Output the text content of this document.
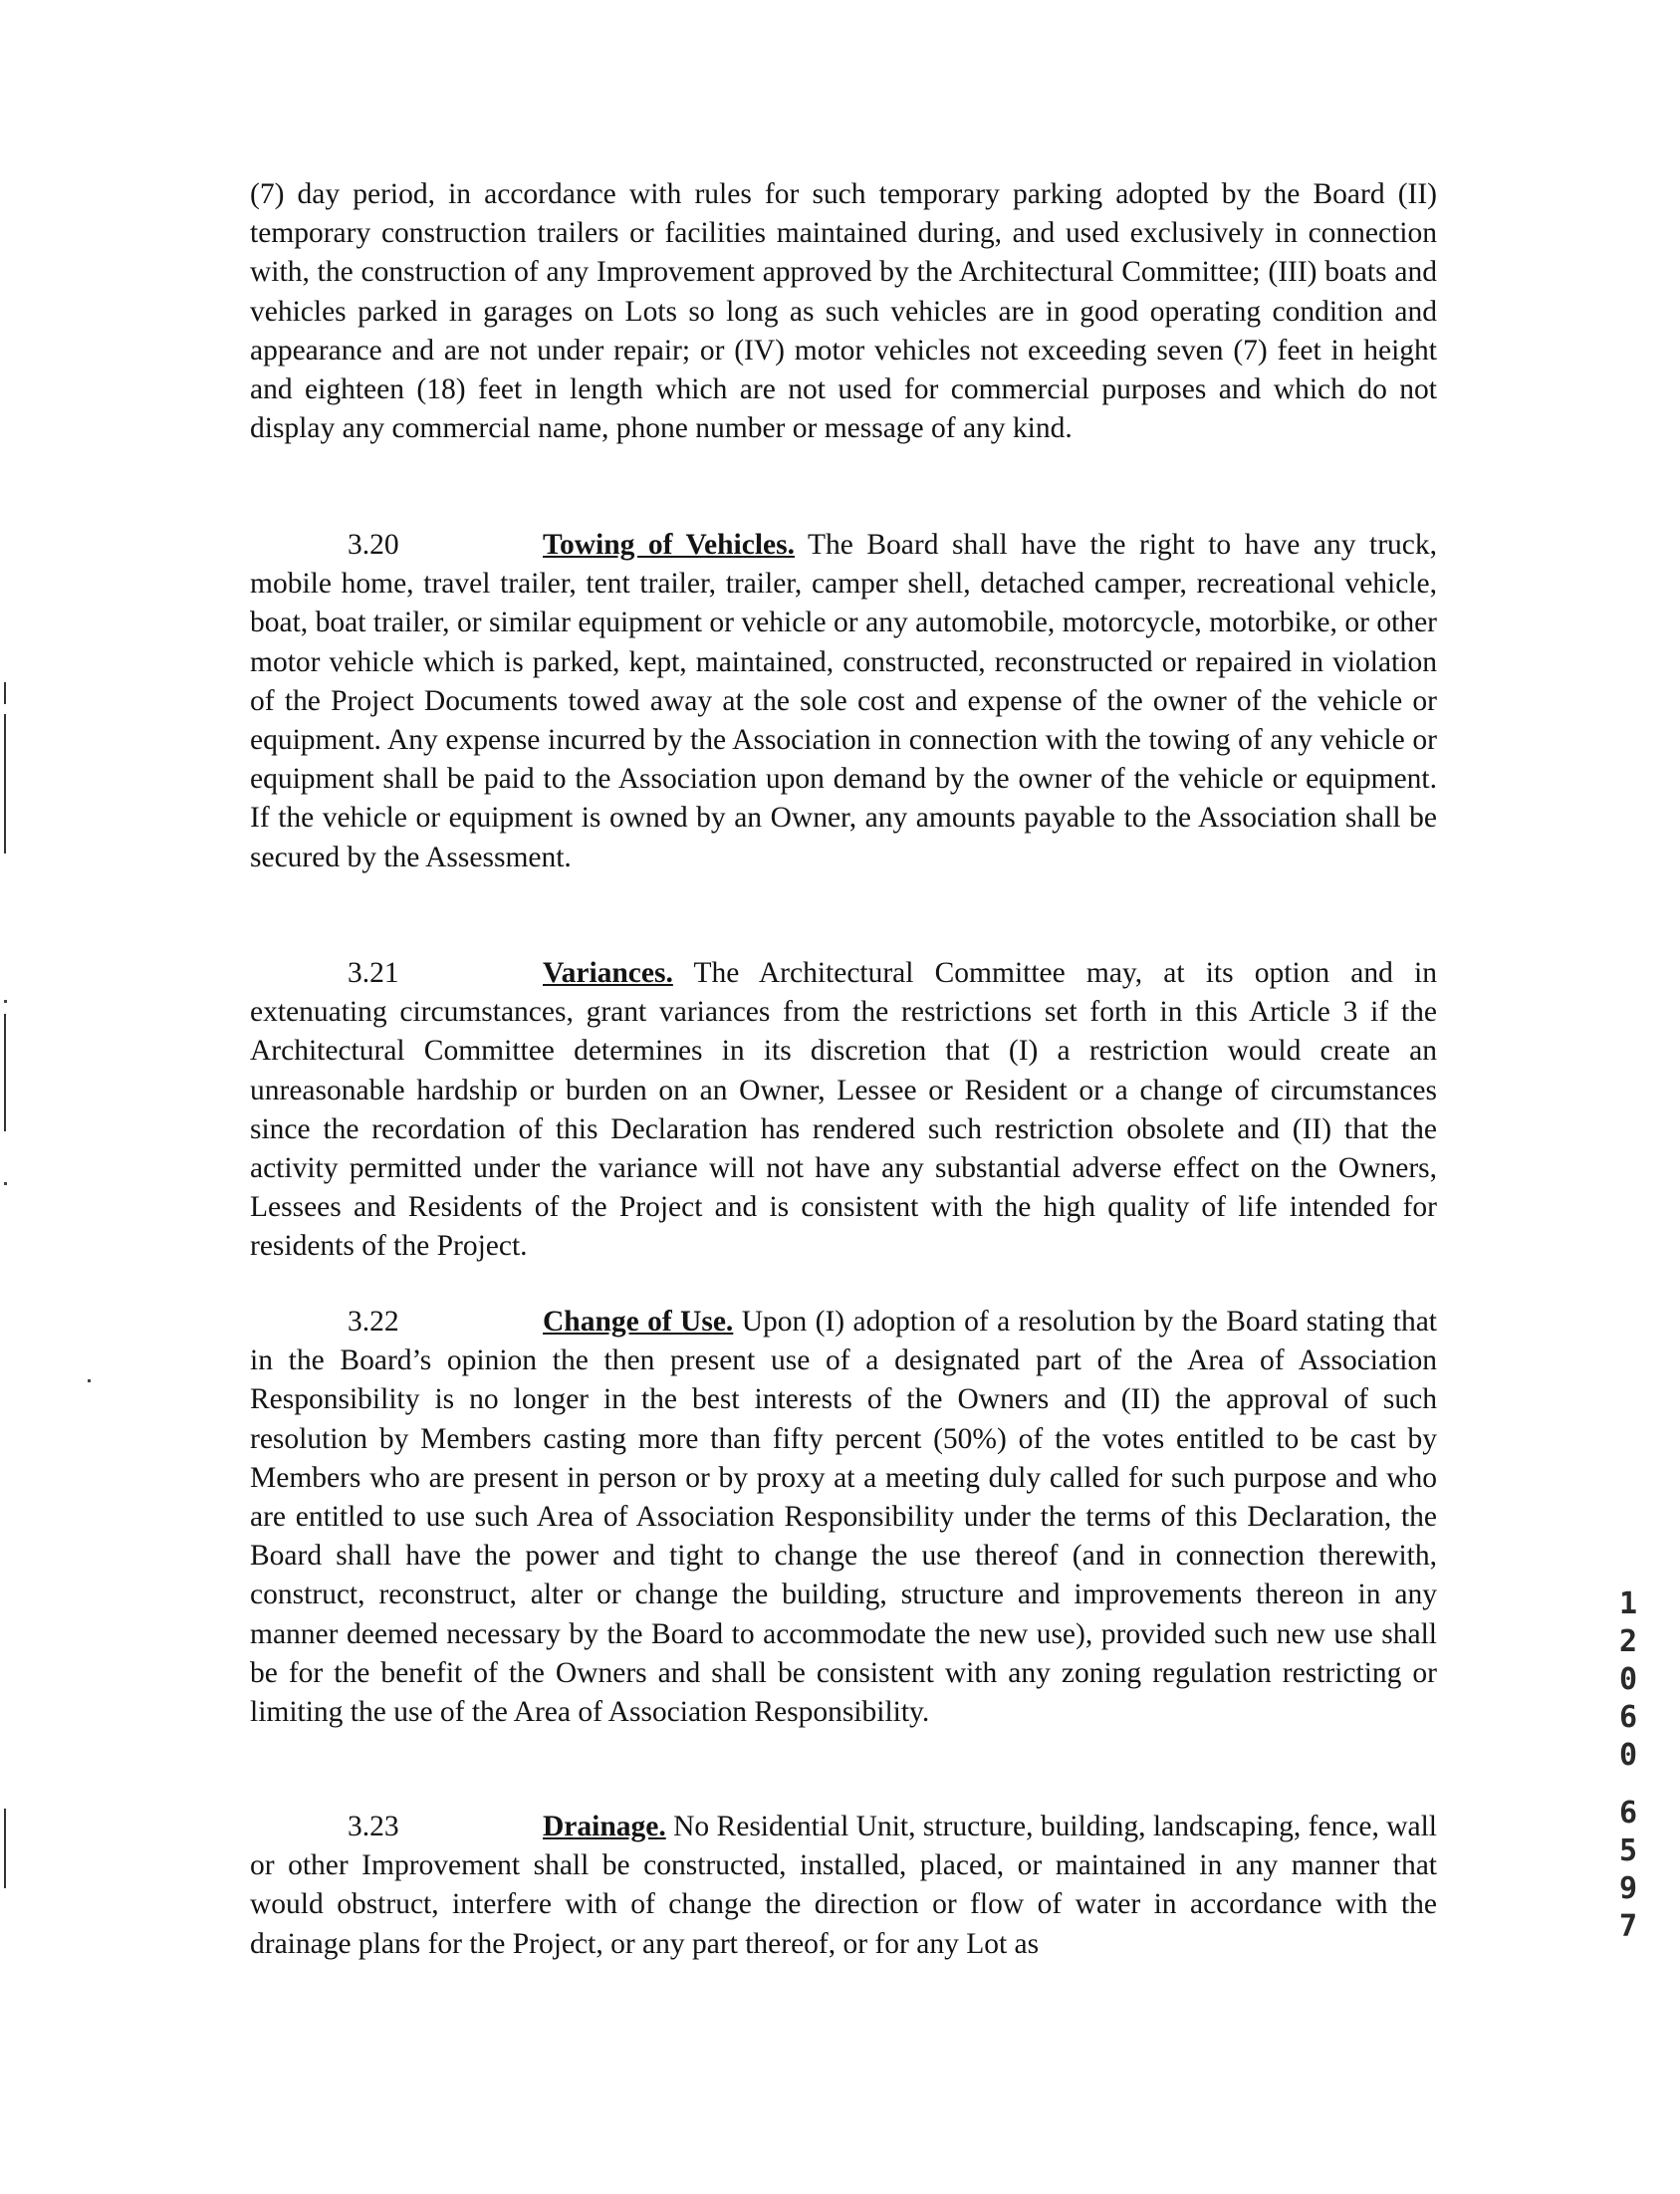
(7) day period, in accordance with rules for such temporary parking adopted by the Board (II) temporary construction trailers or facilities maintained during, and used exclusively in connection with, the construction of any Improvement approved by the Architectural Committee; (III) boats and vehicles parked in garages on Lots so long as such vehicles are in good operating condition and appearance and are not under repair; or (IV) motor vehicles not exceeding seven (7) feet in height and eighteen (18) feet in length which are not used for commercial purposes and which do not display any commercial name, phone number or message of any kind.

3.20	Towing of Vehicles. The Board shall have the right to have any truck, mobile home, travel trailer, tent trailer, trailer, camper shell, detached camper, recreational vehicle, boat, boat trailer, or similar equipment or vehicle or any automobile, motorcycle, motorbike, or other motor vehicle which is parked, kept, maintained, constructed, reconstructed or repaired in violation of the Project Documents towed away at the sole cost and expense of the owner of the vehicle or equipment. Any expense incurred by the Association in connection with the towing of any vehicle or equipment shall be paid to the Association upon demand by the owner of the vehicle or equipment. If the vehicle or equipment is owned by an Owner, any amounts payable to the Association shall be secured by the Assessment.

3.21	Variances. The Architectural Committee may, at its option and in extenuating circumstances, grant variances from the restrictions set forth in this Article 3 if the Architectural Committee determines in its discretion that (I) a restriction would create an unreasonable hardship or burden on an Owner, Lessee or Resident or a change of circumstances since the recordation of this Declaration has rendered such restriction obsolete and (II) that the activity permitted under the variance will not have any substantial adverse effect on the Owners, Lessees and Residents of the Project and is consistent with the high quality of life intended for residents of the Project.

3.22	Change of Use. Upon (I) adoption of a resolution by the Board stating that in the Board’s opinion the then present use of a designated part of the Area of Association Responsibility is no longer in the best interests of the Owners and (II) the approval of such resolution by Members casting more than fifty percent (50%) of the votes entitled to be cast by Members who are present in person or by proxy at a meeting duly called for such purpose and who are entitled to use such Area of Association Responsibility under the terms of this Declaration, the Board shall have the power and tight to change the use thereof (and in connection therewith, construct, reconstruct, alter or change the building, structure and improvements thereon in any manner deemed necessary by the Board to accommodate the new use), provided such new use shall be for the benefit of the Owners and shall be consistent with any zoning regulation restricting or limiting the use of the Area of Association Responsibility.

3.23	Drainage. No Residential Unit, structure, building, landscaping, fence, wall or other Improvement shall be constructed, installed, placed, or maintained in any manner that would obstruct, interfere with of change the direction or flow of water in accordance with the drainage plans for the Project, or any part thereof, or for any Lot as

1
2
0
6
0
6
5
9
7
